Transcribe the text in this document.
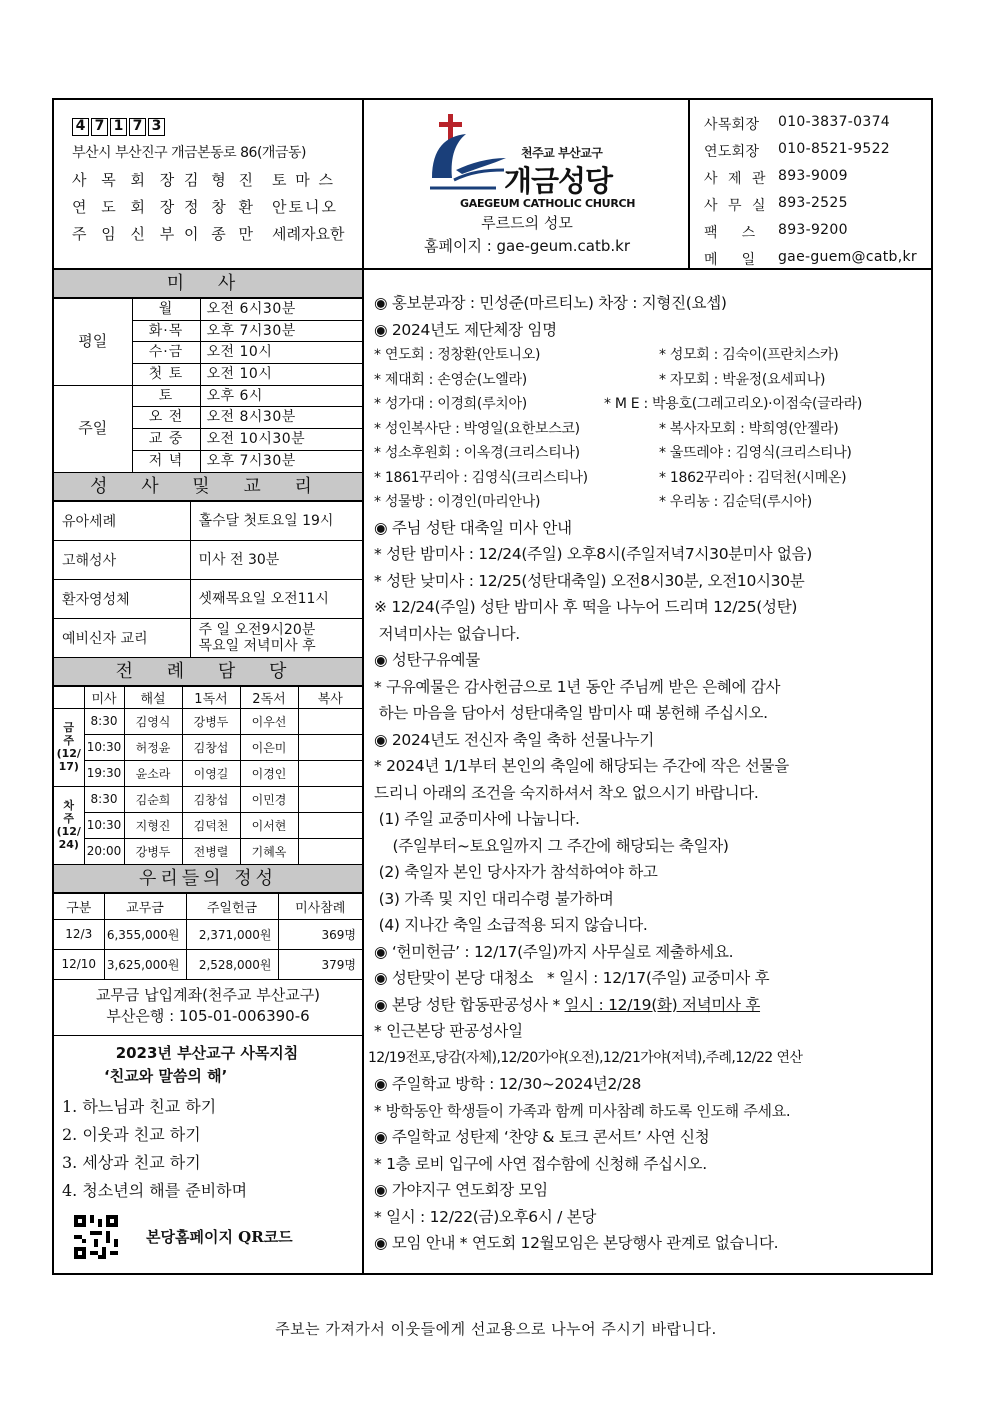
4 7 1 7 3
부산시 부산진구 개금본동로 86(개금동)
사 목 회 장 김 형 진 토 마 스
연 도 회 장 정 창 환 안토니오
주 임 신 부 이 종 만 세례자요한
천주교 부산교구
개금성당
GAEGEUM CATHOLIC CHURCH
루르드의 성모
홈페이지 : gae-geum.catb.kr
사목회장	010-3837-0374
연도회장	010-8521-9522
사 제 관 893-9009
사 무 실 893-2525
팩     스	893-9200
메     일	gae-guem@catb,kr
미 사
평일	월	오전 6시30분
	화·목	오후 7시30분
	수·금	오전 10시
	첫 토	오전 10시
주일	토	오후 6시
	오 전	오전 8시30분
	교 중	오전 10시30분
	저 녁	오후 7시30분
성 사 및 교 리
유아세례	홀수달 첫토요일 19시
고해성사	미사 전 30분
환자영성체	셋째목요일 오전11시
예비신자 교리	주 일 오전9시20분
목요일 저녁미사 후
전 례 담 당
	미사	해설	1독서	2독서	복사
금
주
(12/
17)	8:30	김영식	강병두	이우선	
	10:30	허정윤	김창섭	이은미	
	19:30	윤소라	이영길	이경인	
차
주
(12/
24)	8:30	김순희	김창섭	이민경	
	10:30	지형진	김덕천	이서현	
	20:00	강병두	전병렬	기혜옥	
우리들의 정성
구분	교무금	주일헌금	미사참례
12/3	6,355,000원	2,371,000원	369명
12/10	3,625,000원	2,528,000원	379명
교무금 납입계좌(천주교 부산교구)
부산은행 : 105-01-006390-6
2023년 부산교구 사목지침
‘친교와 말씀의 해’
1. 하느님과 친교 하기
2. 이웃과 친교 하기
3. 세상과 친교 하기
4. 청소년의 해를 준비하며
본당홈페이지 QR코드
◉ 홍보분과장 : 민성준(마르티노) 차장 : 지형진(요셉)
◉ 2024년도 제단체장 임명
* 연도회 : 정창환(안토니오)	* 성모회 : 김숙이(프란치스카)
* 제대회 : 손영순(노엘라)	* 자모회 : 박윤정(요세피나)
* 성가대 : 이경희(루치아)	* M E : 박용호(그레고리오)·이점숙(글라라)
* 성인복사단 : 박영일(요한보스코)	* 복사자모회 : 박희영(안젤라)
* 성소후원회 : 이옥경(크리스티나)	* 울뜨레야 : 김영식(크리스티나)
* 1861꾸리아 : 김영식(크리스티나)	* 1862꾸리아 : 김덕천(시메온)
* 성물방 : 이경인(마리안나)	* 우리농 : 김순덕(루시아)
◉ 주님 성탄 대축일 미사 안내
* 성탄 밤미사 : 12/24(주일) 오후8시(주일저녁7시30분미사 없음)
* 성탄 낮미사 : 12/25(성탄대축일) 오전8시30분, 오전10시30분
※ 12/24(주일) 성탄 밤미사 후 떡을 나누어 드리며 12/25(성탄)
저녁미사는 없습니다.
◉ 성탄구유예물
* 구유예물은 감사헌금으로 1년 동안 주님께 받은 은혜에 감사
하는 마음을 담아서 성탄대축일 밤미사 때 봉헌해 주십시오.
◉ 2024년도 전신자 축일 축하 선물나누기
* 2024년 1/1부터 본인의 축일에 해당되는 주간에 작은 선물을
드리니 아래의 조건을 숙지하셔서 착오 없으시기 바랍니다.
(1) 주일 교중미사에 나눕니다.
(주일부터~토요일까지 그 주간에 해당되는 축일자)
(2) 축일자 본인 당사자가 참석하여야 하고
(3) 가족 및 지인 대리수령 불가하며
(4) 지나간 축일 소급적용 되지 않습니다.
◉ ‘헌미헌금’ : 12/17(주일)까지 사무실로 제출하세요.
◉ 성탄맞이 본당 대청소   * 일시 : 12/17(주일) 교중미사 후
◉ 본당 성탄 합동판공성사 * 일시 : 12/19(화) 저녁미사 후
* 인근본당 판공성사일
12/19전포,당감(자체),12/20가야(오전),12/21가야(저녁),주례,12/22 연산
◉ 주일학교 방학 : 12/30~2024년2/28
* 방학동안 학생들이 가족과 함께 미사참례 하도록 인도해 주세요.
◉ 주일학교 성탄제 ‘찬양 & 토크 콘서트’ 사연 신청
* 1층 로비 입구에 사연 접수함에 신청해 주십시오.
◉ 가야지구 연도회장 모임
* 일시 : 12/22(금)오후6시 / 본당
◉ 모임 안내 * 연도회 12월모임은 본당행사 관계로 없습니다.
주보는 가져가서 이웃들에게 선교용으로 나누어 주시기 바랍니다.
